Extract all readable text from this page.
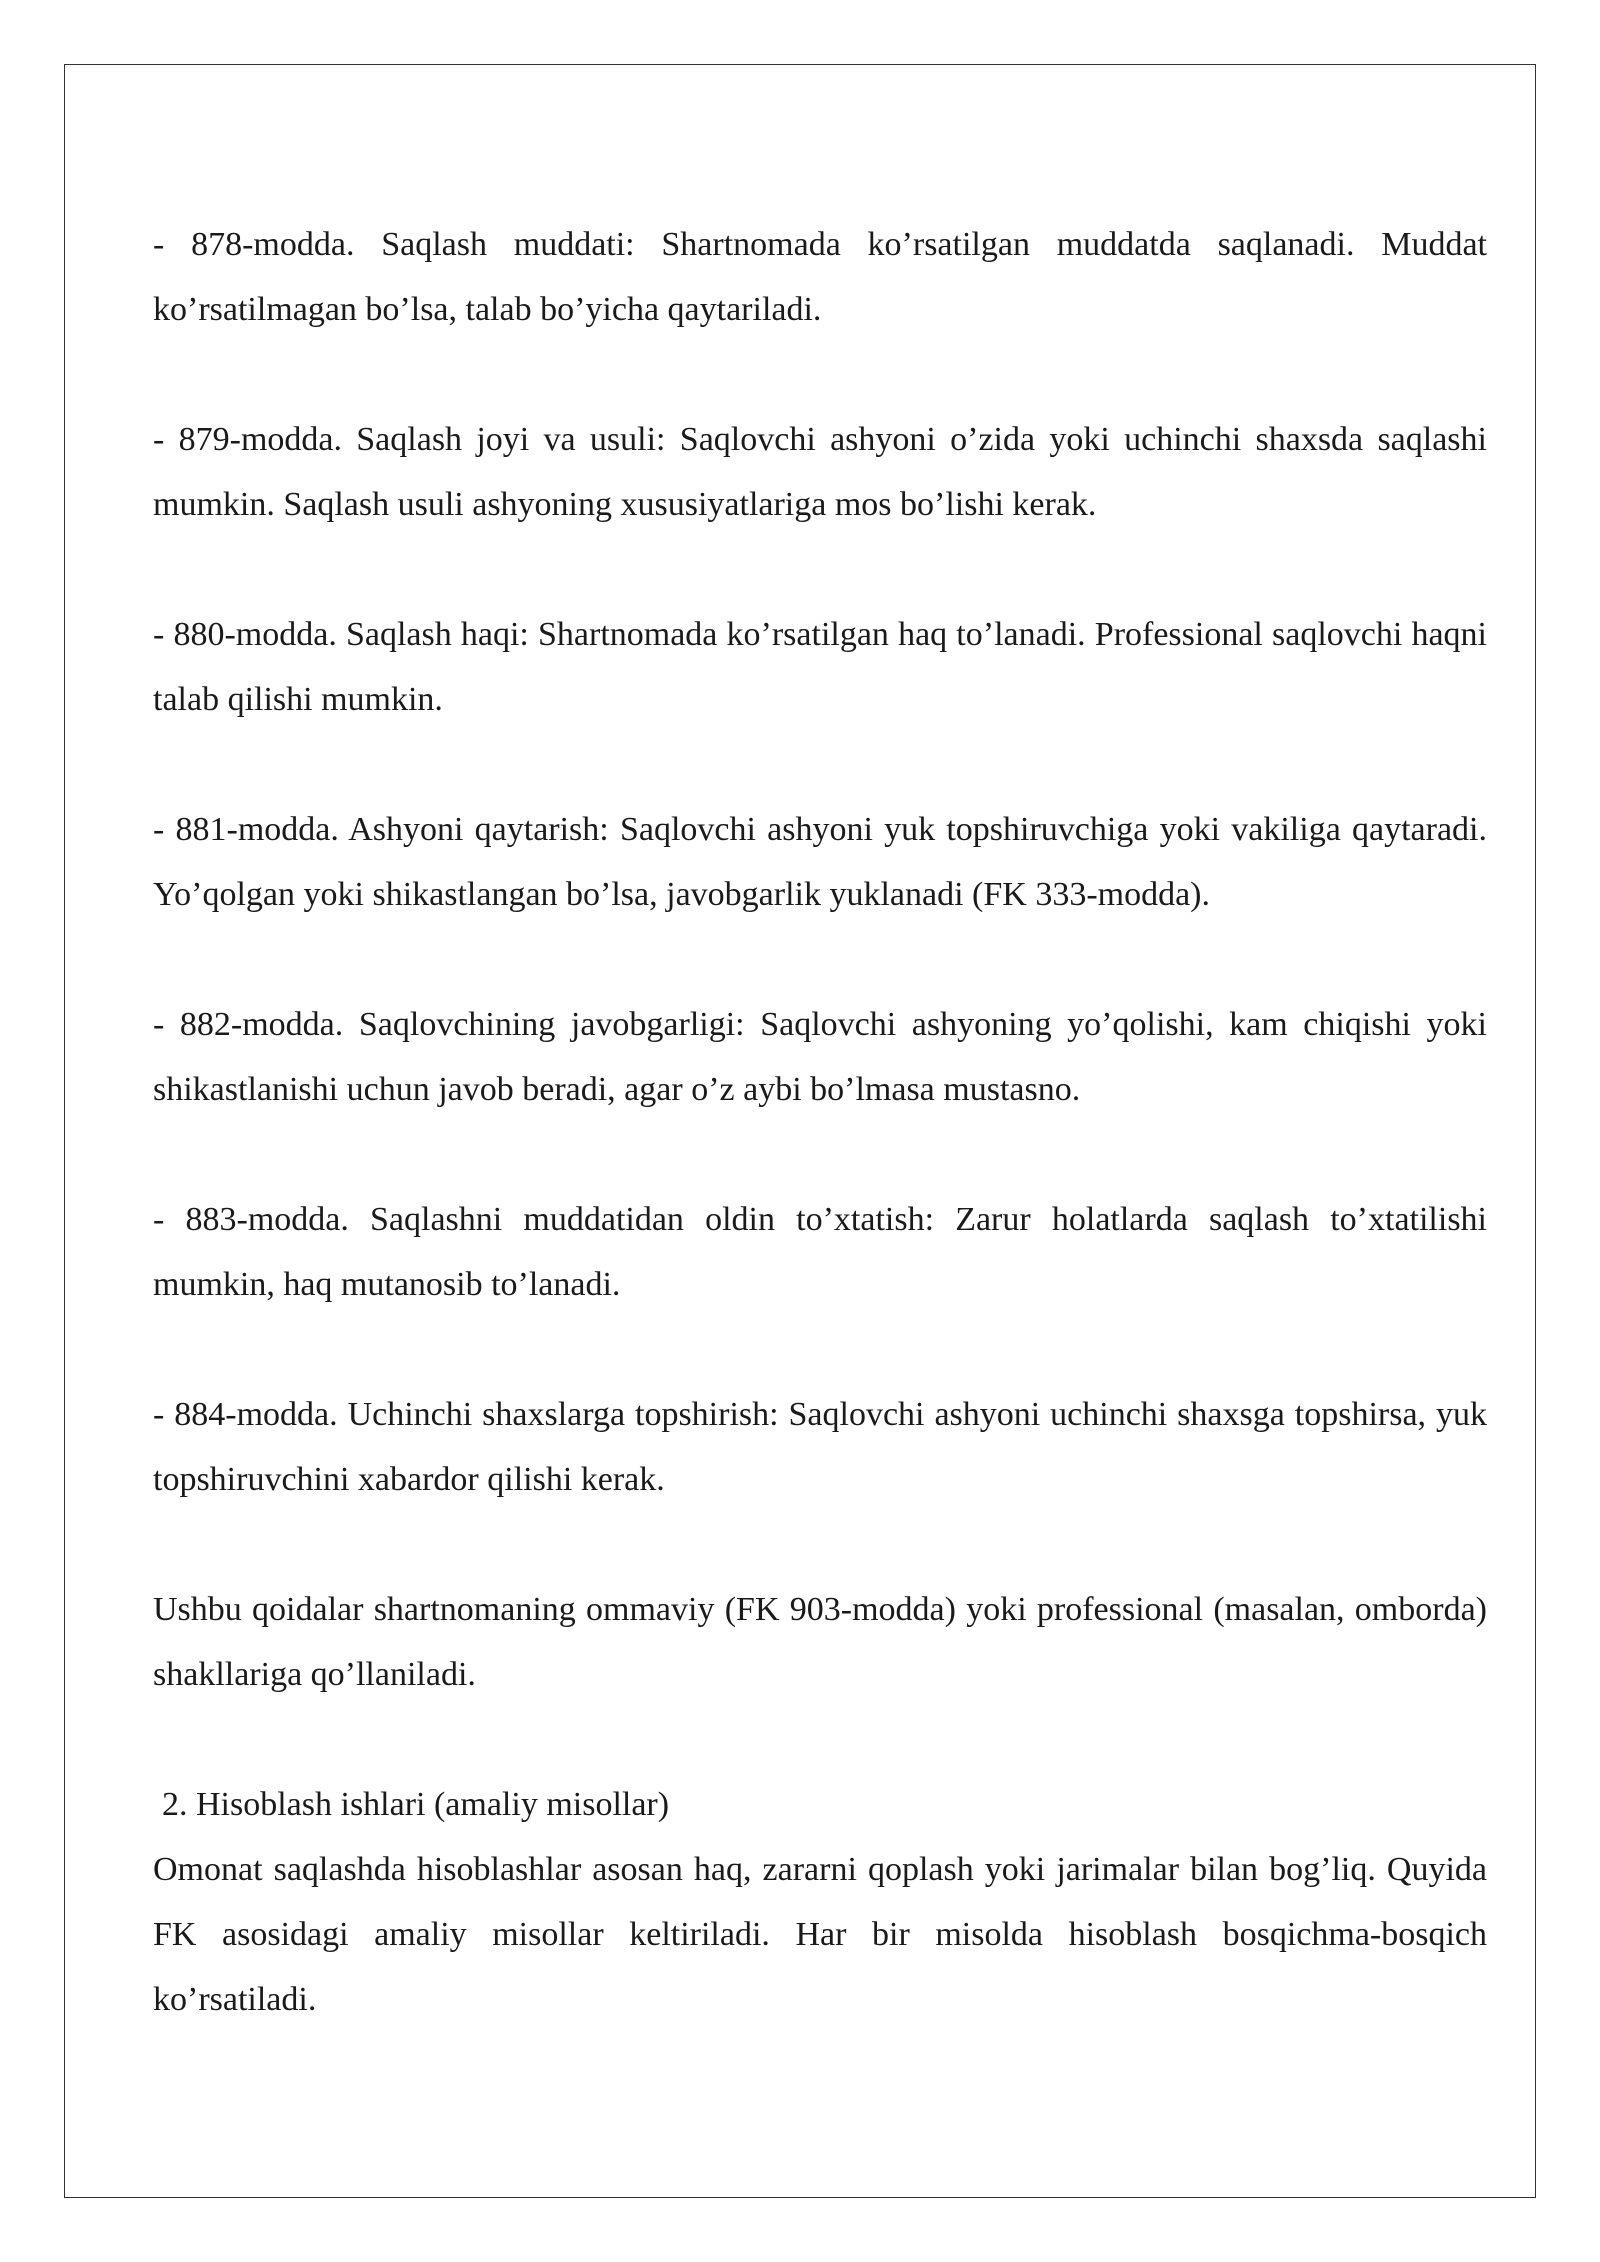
- 878-modda. Saqlash muddati: Shartnomada ko’rsatilgan muddatda saqlanadi. Muddat ko’rsatilmagan bo’lsa, talab bo’yicha qaytariladi.

- 879-modda. Saqlash joyi va usuli: Saqlovchi ashyoni o’zida yoki uchinchi shaxsda saqlashi mumkin. Saqlash usuli ashyoning xususiyatlariga mos bo’lishi kerak.

- 880-modda. Saqlash haqi: Shartnomada ko’rsatilgan haq to’lanadi. Professional saqlovchi haqni talab qilishi mumkin.

- 881-modda. Ashyoni qaytarish: Saqlovchi ashyoni yuk topshiruvchiga yoki vakiliga qaytaradi. Yo’qolgan yoki shikastlangan bo’lsa, javobgarlik yuklanadi (FK 333-modda).

- 882-modda. Saqlovchining javobgarligi: Saqlovchi ashyoning yo’qolishi, kam chiqishi yoki shikastlanishi uchun javob beradi, agar o’z aybi bo’lmasa mustasno.

- 883-modda. Saqlashni muddatidan oldin to’xtatish: Zarur holatlarda saqlash to’xtatilishi mumkin, haq mutanosib to’lanadi.

- 884-modda. Uchinchi shaxslarga topshirish: Saqlovchi ashyoni uchinchi shaxsga topshirsa, yuk topshiruvchini xabardor qilishi kerak.

Ushbu qoidalar shartnomaning ommaviy (FK 903-modda) yoki professional (masalan, omborda) shakllariga qo’llaniladi.

2. Hisoblash ishlari (amaliy misollar)

Omonat saqlashda hisoblashlar asosan haq, zararni qoplash yoki jarimalar bilan bog’liq. Quyida FK asosidagi amaliy misollar keltiriladi. Har bir misolda hisoblash bosqichma-bosqich ko’rsatiladi.
